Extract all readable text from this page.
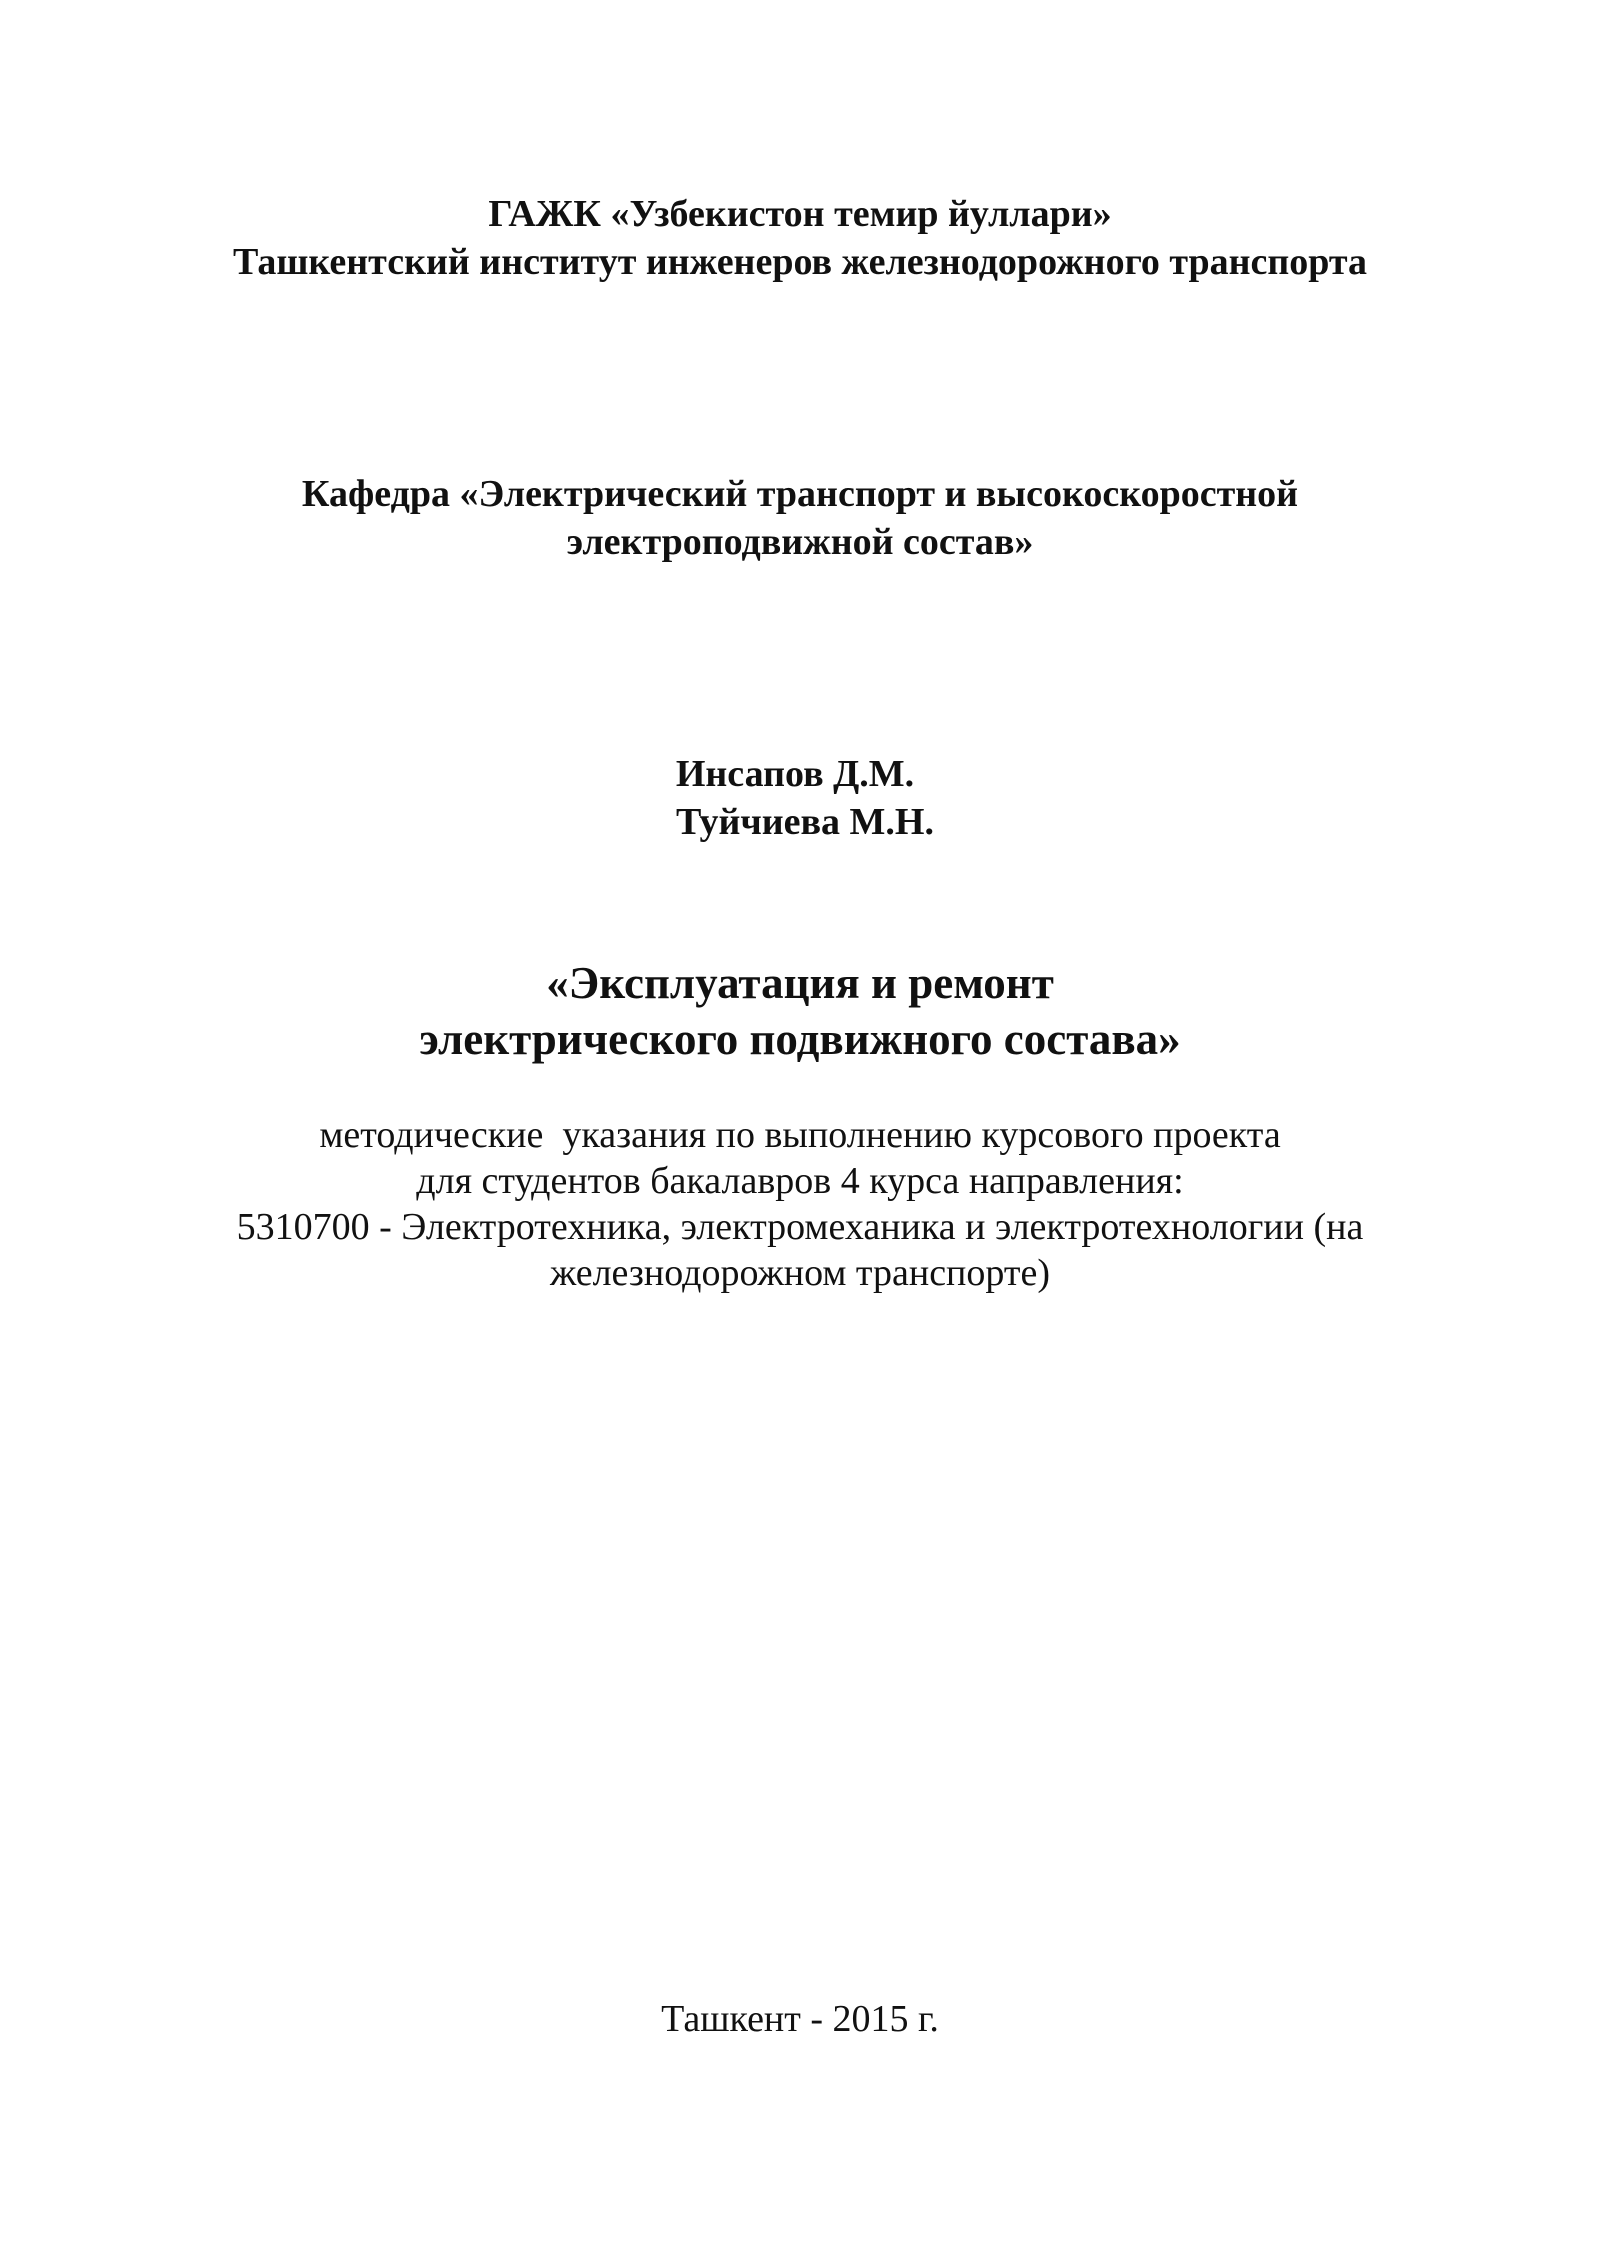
ГАЖК «Узбекистон темир йуллари»
Ташкентский институт инженеров железнодорожного транспорта
Кафедра «Электрический транспорт и высокоскоростной
электроподвижной состав»
Инсапов Д.М.
Туйчиева М.Н.
«Эксплуатация и ремонт
электрического подвижного состава»
методические  указания по выполнению курсового проекта
для студентов бакалавров 4 курса направления:
5310700 - Электротехника, электромеханика и электротехнологии (на
железнодорожном транспорте)
Ташкент - 2015 г.
